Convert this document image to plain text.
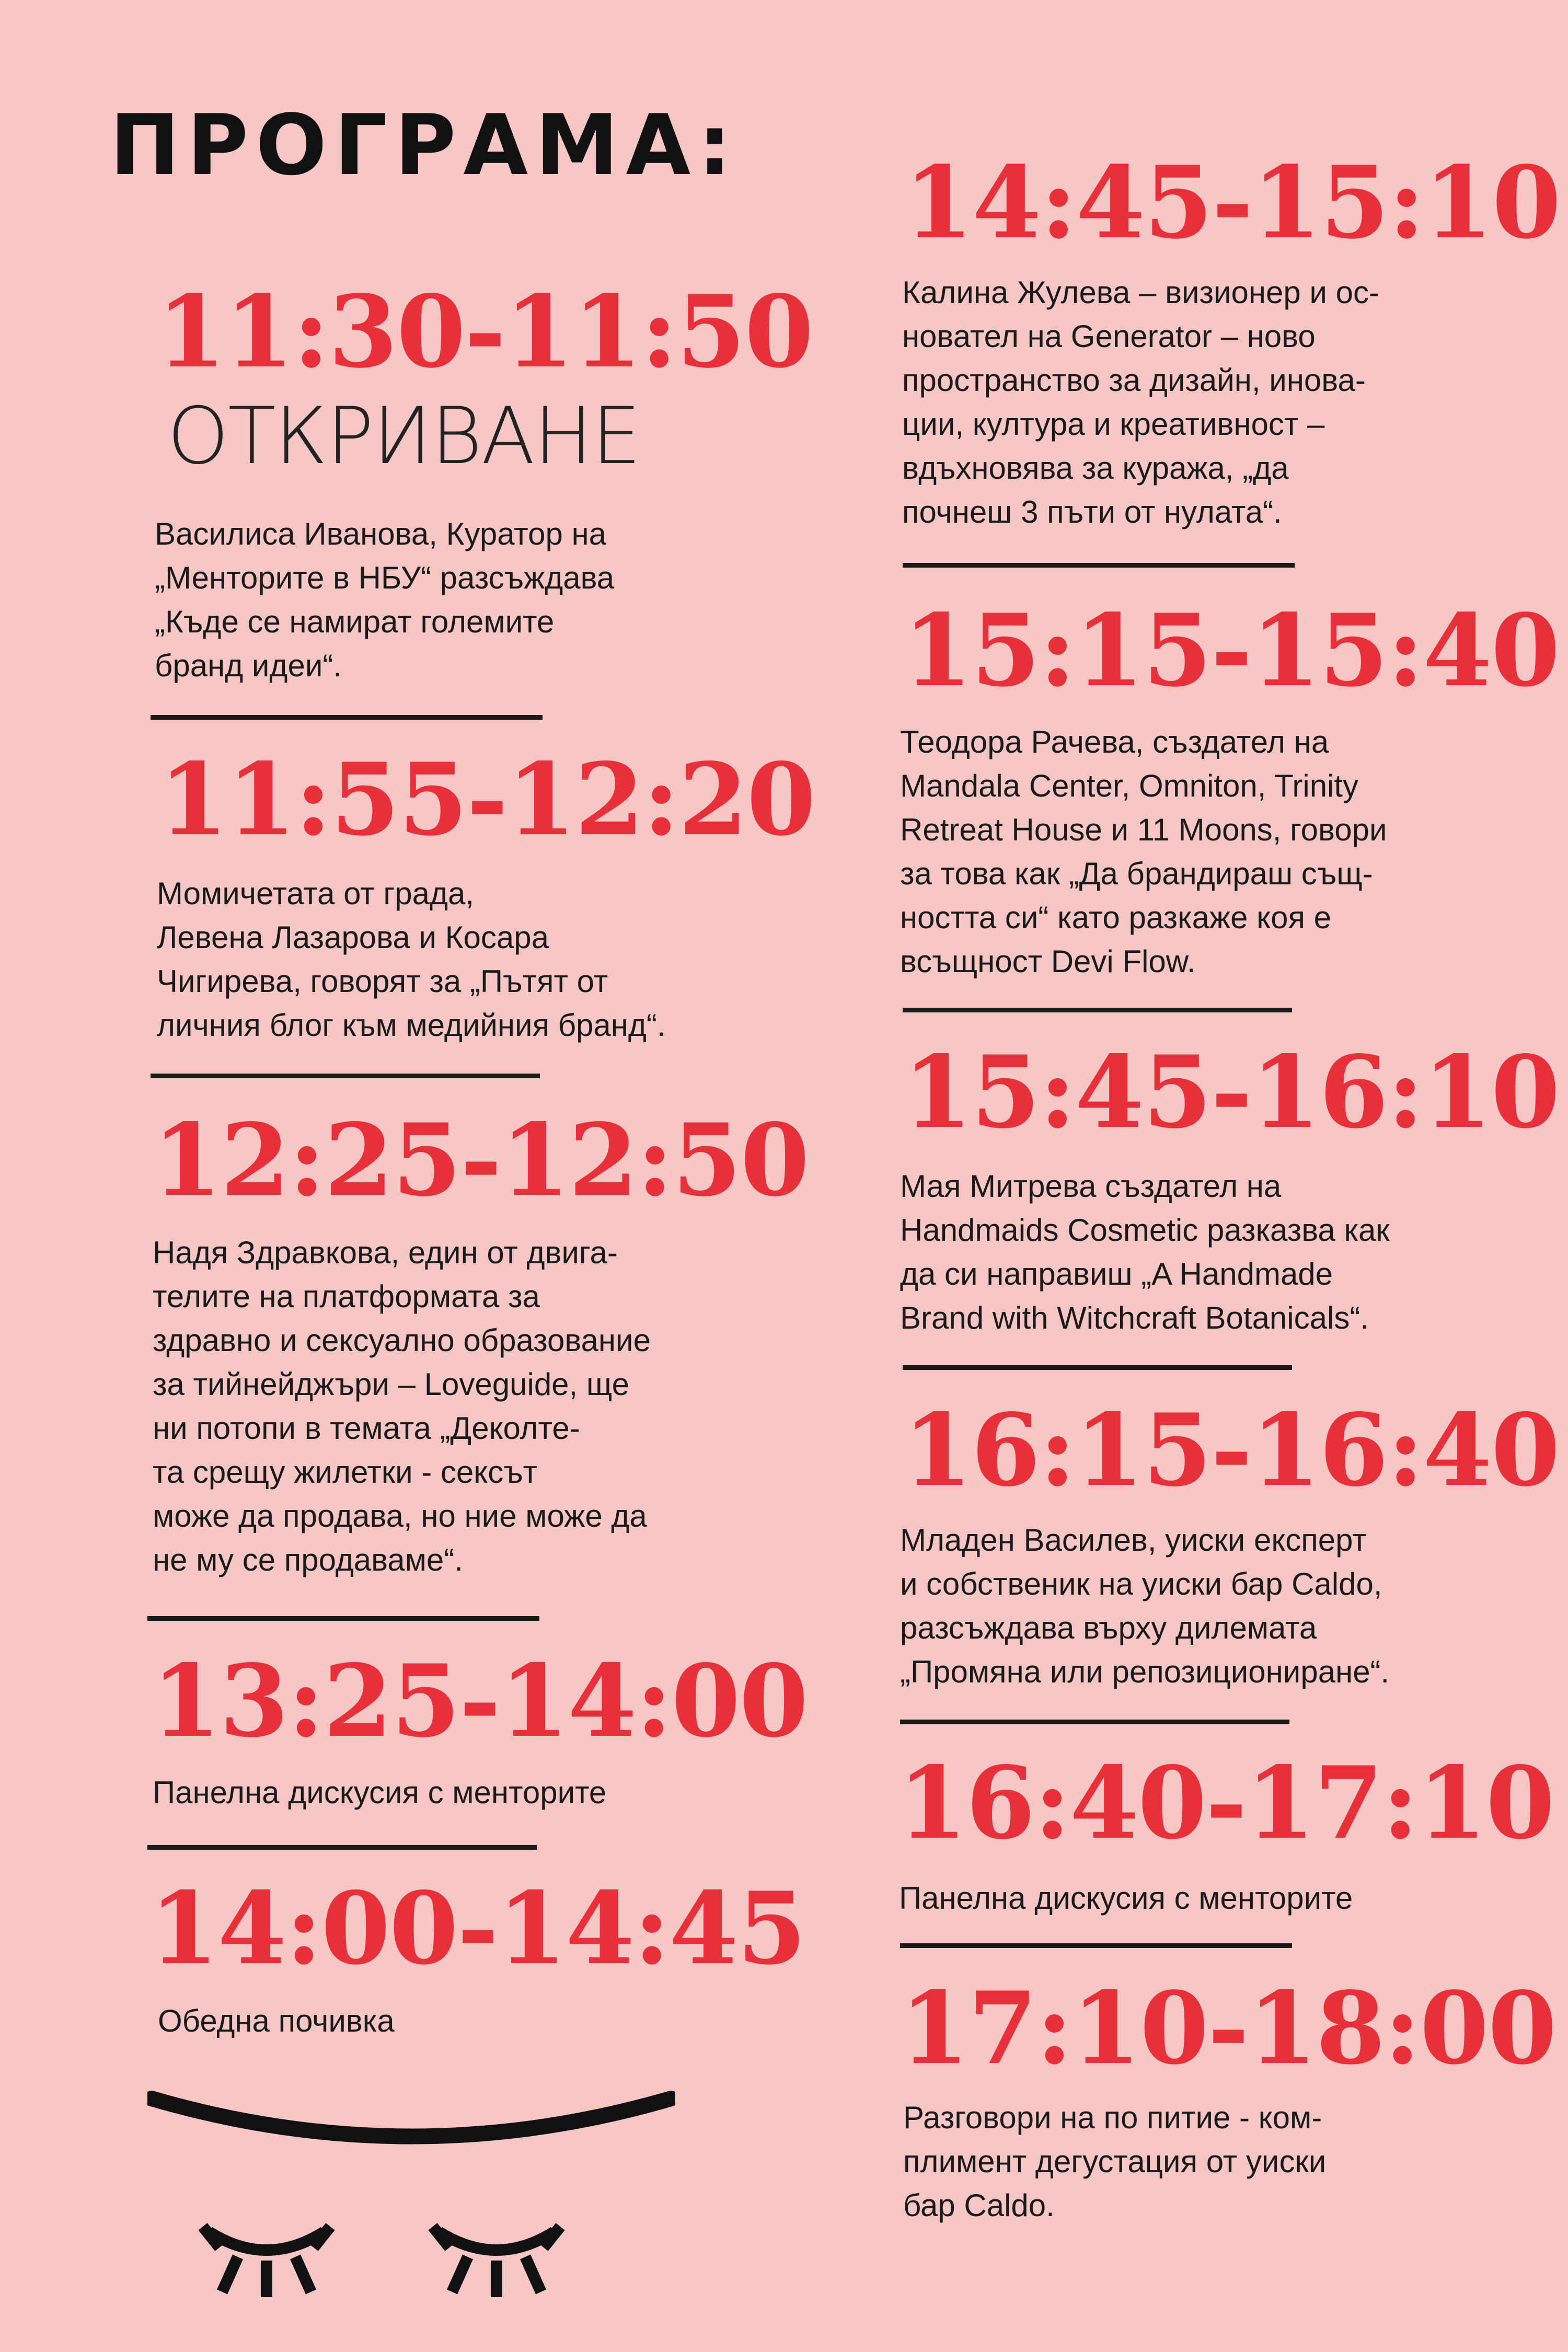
ПРОГРАМА:
11:30-11:50
ОТКРИВАНЕ
Василиса Иванова, Куратор на
„Менторите в НБУ“ разсъждава
„Къде се намират големите
бранд идеи“.
11:55-12:20
Момичетата от града,
Левена Лазарова и Косара
Чигирева, говорят за „Пътят от
личния блог към медийния бранд“.
12:25-12:50
Надя Здравкова, един от двига-
телите на платформата за
здравно и сексуално образование
за тийнейджъри – Loveguide, ще
ни потопи в темата „Деколте-
та срещу жилетки - сексът
може да продава, но ние може да
не му се продаваме“.
13:25-14:00
Панелна дискусия с менторите
14:00-14:45
Обедна почивка
14:45-15:10
Калина Жулева – визионер и ос-
новател на Generator – ново
пространство за дизайн, инова-
ции, култура и креативност –
вдъхновява за куража, „да
почнеш 3 пъти от нулата“.
15:15-15:40
Теодора Рачева, създател на
Mandala Center, Omniton, Trinity
Retreat House и 11 Moons, говори
за това как „Да брандираш същ-
ността си“ като разкаже коя е
всъщност Devi Flow.
15:45-16:10
Мая Митрева създател на
Handmaids Cosmetic разказва как
да си направиш „A Handmade
Brand with Witchcraft Botanicals“.
16:15-16:40
Младен Василев, уиски експерт
и собственик на уиски бар Caldo,
разсъждава върху дилемата
„Промяна или репозициониране“.
16:40-17:10
Панелна дискусия с менторите
17:10-18:00
Разговори на по питие - ком-
плимент дегустация от уиски
бар Caldo.
